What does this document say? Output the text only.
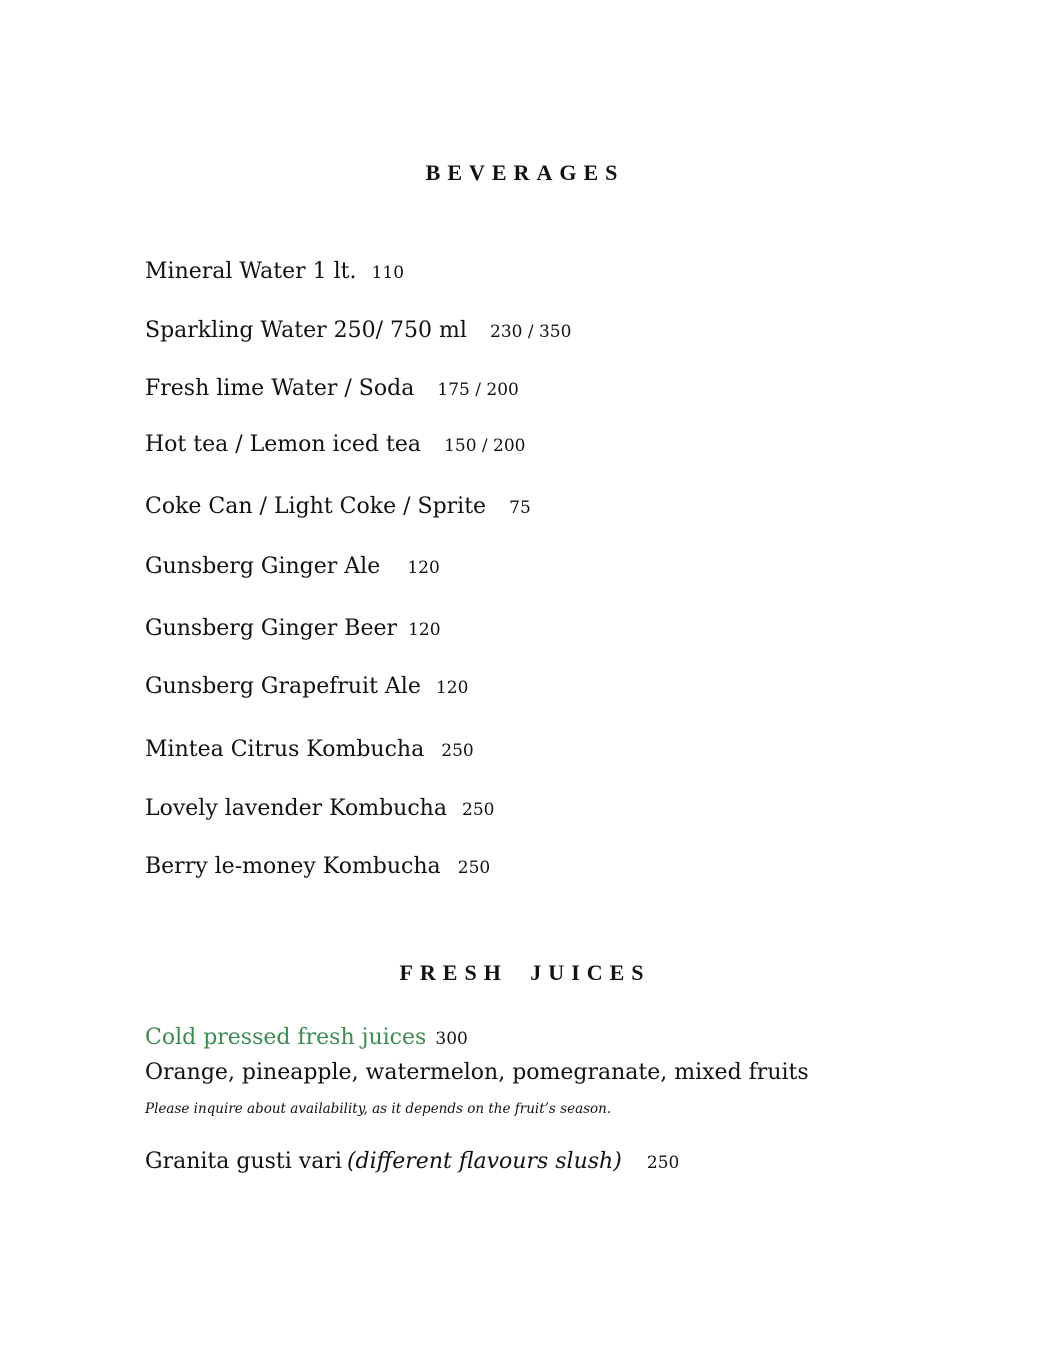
BEVERAGES
Mineral Water 1 lt. 110
Sparkling Water 250/ 750 ml 230 / 350
Fresh lime Water / Soda 175 / 200
Hot tea / Lemon iced tea 150 / 200
Coke Can / Light Coke / Sprite 75
Gunsberg Ginger Ale 120
Gunsberg Ginger Beer 120
Gunsberg Grapefruit Ale 120
Mintea Citrus Kombucha 250
Lovely lavender Kombucha 250
Berry le-money Kombucha 250
FRESH JUICES
Cold pressed fresh juices 300
Orange, pineapple, watermelon, pomegranate, mixed fruits
Please inquire about availability, as it depends on the fruit’s season.
Granita gusti vari (different flavours slush) 250
